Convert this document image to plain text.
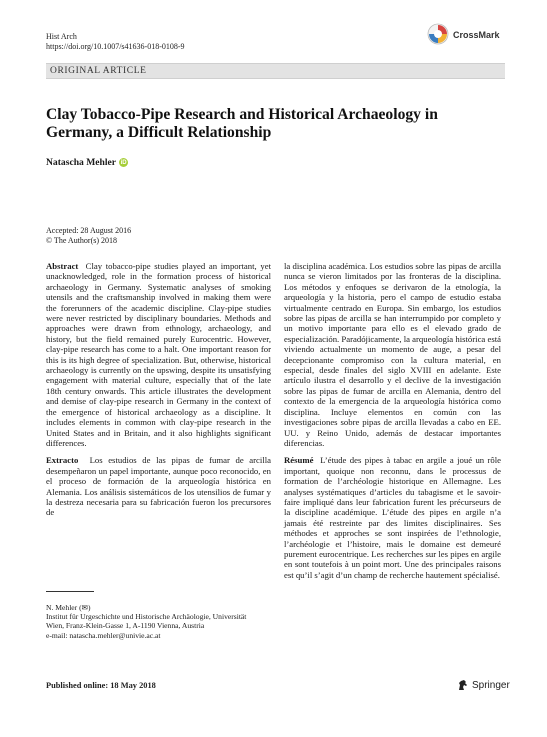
Hist Arch
https://doi.org/10.1007/s41636-018-0108-9
CrossMark
ORIGINAL ARTICLE
Clay Tobacco-Pipe Research and Historical Archaeology in Germany, a Difficult Relationship
Natascha Mehler iD
Accepted: 28 August 2016
© The Author(s) 2018

Abstract Clay tobacco-pipe studies played an important, yet unacknowledged, role in the formation process of historical archaeology in Germany. Systematic analyses of smoking utensils and the craftsmanship involved in making them were the forerunners of the academic discipline. Clay-pipe studies were never restricted by disciplinary boundaries. Methods and approaches were drawn from ethnology, archaeology, and history, but the field remained purely Eurocentric. However, clay-pipe research has come to a halt. One important reason for this is its high degree of specialization. But, otherwise, historical archaeology is currently on the upswing, despite its unsatisfying engagement with material culture, especially that of the late 18th century onwards. This article illustrates the development and demise of clay-pipe research in Germany in the context of the emergence of historical archaeology as a discipline. It includes elements in common with clay-pipe research in the United States and in Britain, and it also highlights significant differences.

Extracto Los estudios de las pipas de fumar de arcilla desempeñaron un papel importante, aunque poco reconocido, en el proceso de formación de la arqueología histórica en Alemania. Los análisis sistemáticos de los utensilios de fumar y la destreza necesaria para su fabricación fueron los precursores de

la disciplina académica. Los estudios sobre las pipas de arcilla nunca se vieron limitados por las fronteras de la disciplina. Los métodos y enfoques se derivaron de la etnología, la arqueología y la historia, pero el campo de estudio estaba virtualmente centrado en Europa. Sin embargo, los estudios sobre las pipas de arcilla se han interrumpido por completo y un motivo importante para ello es el elevado grado de especialización. Paradójicamente, la arqueología histórica está viviendo actualmente un momento de auge, a pesar del decepcionante compromiso con la cultura material, en especial, desde finales del siglo XVIII en adelante. Este artículo ilustra el desarrollo y el declive de la investigación sobre las pipas de fumar de arcilla en Alemania, dentro del contexto de la emergencia de la arqueología histórica como disciplina. Incluye elementos en común con las investigaciones sobre pipas de arcilla llevadas a cabo en EE. UU. y Reino Unido, además de destacar importantes diferencias.

Résumé L’étude des pipes à tabac en argile a joué un rôle important, quoique non reconnu, dans le processus de formation de l’archéologie historique en Allemagne. Les analyses systématiques d’articles du tabagisme et le savoir-faire impliqué dans leur fabrication furent les précurseurs de la discipline académique. L’étude des pipes en argile n’a jamais été restreinte par des limites disciplinaires. Ses méthodes et approches se sont inspirées de l’ethnologie, l’archéologie et l’histoire, mais le domaine est demeuré purement eurocentrique. Les recherches sur les pipes en argile en sont toutefois à un point mort. Une des principales raisons est qu’il s’agit d’un champ de recherche hautement spécialisé.

N. Mehler (✉)
Institut für Urgeschichte und Historische Archäologie, Universität
Wien, Franz-Klein-Gasse 1, A-1190 Vienna, Austria
e-mail: natascha.mehler@univie.ac.at
Published online: 18 May 2018	Springer
